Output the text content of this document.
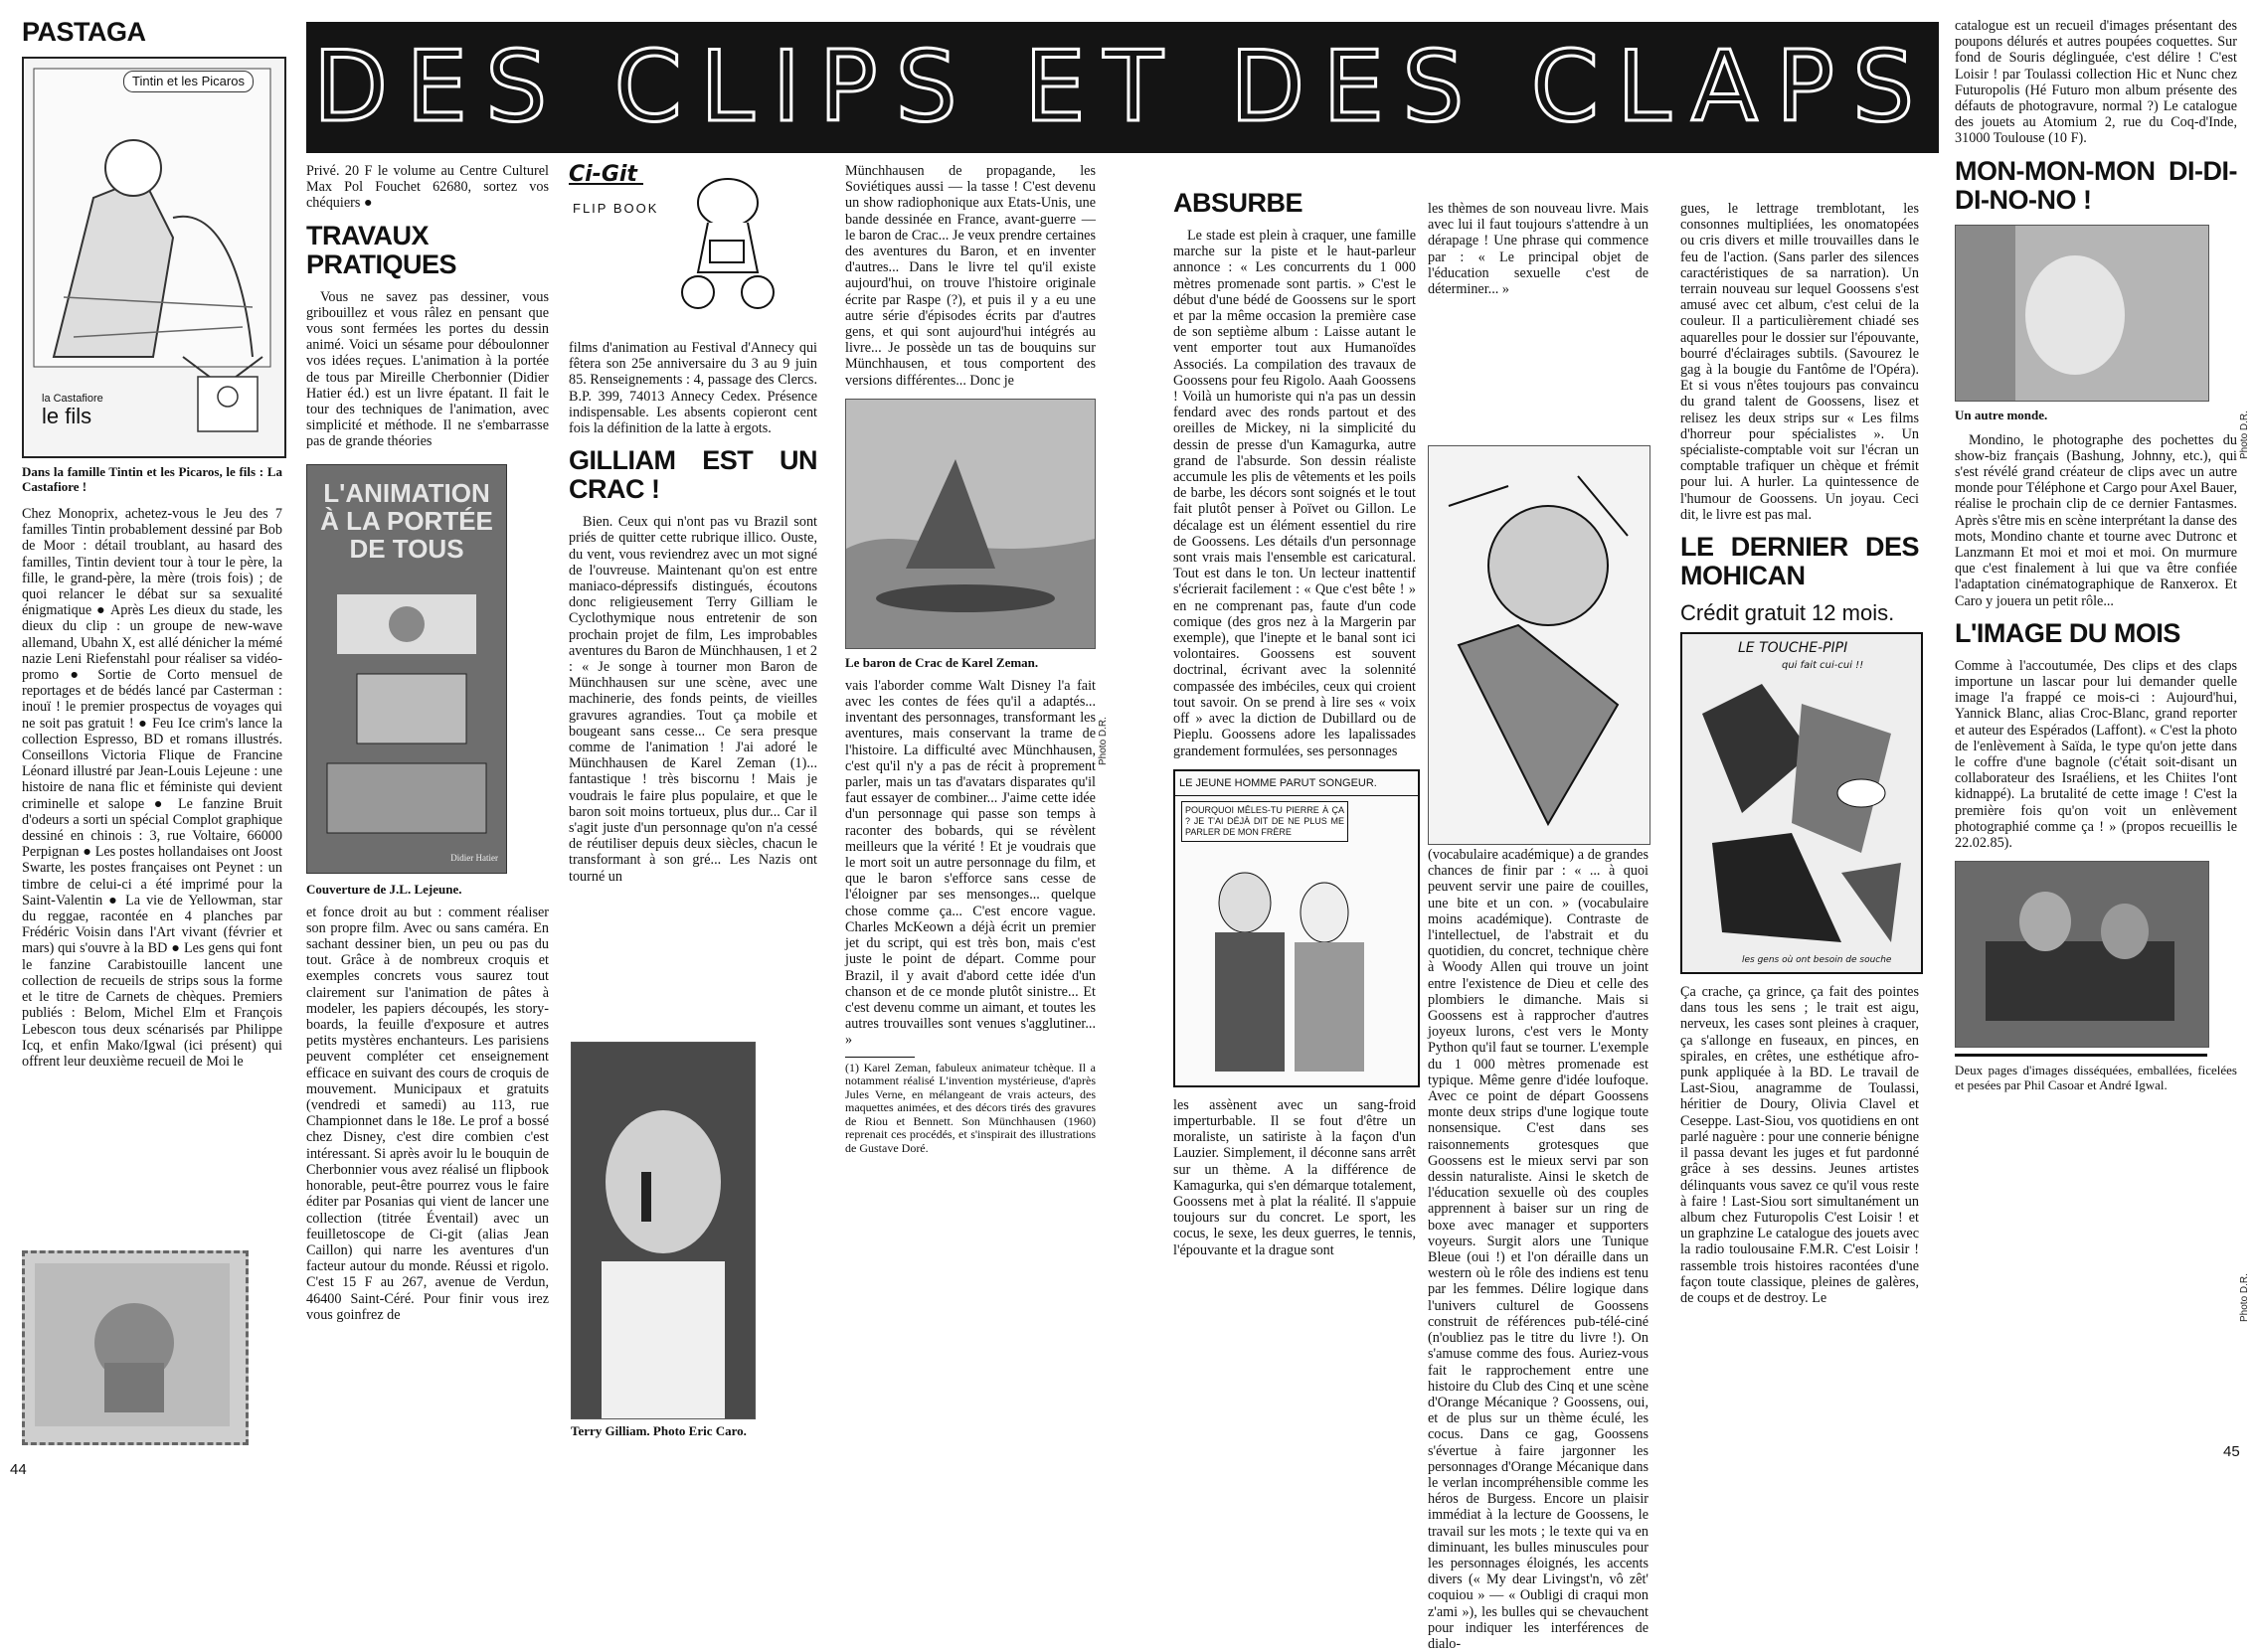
DES CLIPS ET DES CLAPS
PASTAGA
Tintin et les Picaros
la Castafiore
le fils
Dans la famille Tintin et les Picaros, le fils : La Castafiore !

Chez Monoprix, achetez-vous le Jeu des 7 familles Tintin probablement dessiné par Bob de Moor : détail troublant, au hasard des familles, Tintin devient tour à tour le père, la fille, le grand-père, la mère (trois fois) ; de quoi relancer le débat sur sa sexualité énigmatique ● Après Les dieux du stade, les dieux du clip : un groupe de new-wave allemand, Ubahn X, est allé dénicher la mémé nazie Leni Riefenstahl pour réaliser sa vidéo-promo ● Sortie de Corto mensuel de reportages et de bédés lancé par Casterman : inouï ! le premier prospectus de voyages qui ne soit pas gratuit ! ● Feu Ice crim's lance la collection Espresso, BD et romans illustrés. Conseillons Victoria Flique de Francine Léonard illustré par Jean-Louis Lejeune : une histoire de nana flic et féministe qui devient criminelle et salope ● Le fanzine Bruit d'odeurs a sorti un spécial Complot graphique dessiné en chinois : 3, rue Voltaire, 66000 Perpignan ● Les postes hollandaises ont Joost Swarte, les postes françaises ont Peynet : un timbre de celui-ci a été imprimé pour la Saint-Valentin ● La vie de Yellowman, star du reggae, racontée en 4 planches par Frédéric Voisin dans l'Art vivant (février et mars) qui s'ouvre à la BD ● Les gens qui font le fanzine Carabistouille lancent une collection de recueils de strips sous la forme et le titre de Carnets de chèques. Premiers publiés : Belom, Michel Elm et François Lebescon tous deux scénarisés par Philippe Icq, et enfin Mako/Igwal (ici présent) qui offrent leur deuxième recueil de Moi le

Privé. 20 F le volume au Centre Culturel Max Pol Fouchet 62680, sortez vos chéquiers ●

TRAVAUX PRATIQUES

Vous ne savez pas dessiner, vous gribouillez et vous râlez en pensant que vous sont fermées les portes du dessin animé. Voici un sésame pour déboulonner vos idées reçues. L'animation à la portée de tous par Mireille Cherbonnier (Didier Hatier éd.) est un livre épatant. Il fait le tour des techniques de l'animation, avec simplicité et méthode. Il ne s'embarrasse pas de grande théories

L'ANIMATION À LA PORTÉE DE TOUS
Didier Hatier
Couverture de J.L. Lejeune.

et fonce droit au but : comment réaliser son propre film. Avec ou sans caméra. En sachant dessiner bien, un peu ou pas du tout. Grâce à de nombreux croquis et exemples concrets vous saurez tout clairement sur l'animation de pâtes à modeler, les papiers découpés, les story-boards, la feuille d'exposure et autres petits mystères enchanteurs. Les parisiens peuvent compléter cet enseignement efficace en suivant des cours de croquis de mouvement. Municipaux et gratuits (vendredi et samedi) au 113, rue Championnet dans le 18e. Le prof a bossé chez Disney, c'est dire combien c'est intéressant. Si après avoir lu le bouquin de Cherbonnier vous avez réalisé un flipbook honorable, peut-être pourrez vous le faire éditer par Posanias qui vient de lancer une collection (titrée Éventail) avec un feuilletoscope de Ci-git (alias Jean Caillon) qui narre les aventures d'un facteur autour du monde. Réussi et rigolo. C'est 15 F au 267, avenue de Verdun, 46400 Saint-Céré. Pour finir vous irez vous goinfrez de

Ci-Git
FLIP BOOK

films d'animation au Festival d'Annecy qui fêtera son 25e anniversaire du 3 au 9 juin 85. Renseignements : 4, passage des Clercs. B.P. 399, 74013 Annecy Cedex. Présence indispensable. Les absents copieront cent fois la définition de la latte à ergots.

GILLIAM EST UN CRAC !

Bien. Ceux qui n'ont pas vu Brazil sont priés de quitter cette rubrique illico. Ouste, du vent, vous reviendrez avec un mot signé de l'ouvreuse. Maintenant qu'on est entre maniaco-dépressifs distingués, écoutons donc religieusement Terry Gilliam le Cyclothymique nous entretenir de son prochain projet de film, Les improbables aventures du Baron de Münchhausen, 1 et 2 : « Je songe à tourner mon Baron de Münchhausen sur une scène, avec une machinerie, des fonds peints, de vieilles gravures agrandies. Tout ça mobile et bougeant sans cesse... Ce sera presque comme de l'animation ! J'ai adoré le Münchhausen de Karel Zeman (1)... fantastique ! très biscornu ! Mais je voudrais le faire plus populaire, et que le baron soit moins tortueux, plus dur... Car il s'agit juste d'un personnage qu'on n'a cessé de réutiliser depuis deux siècles, chacun le transformant à son gré... Les Nazis ont tourné un

Terry Gilliam. Photo Eric Caro.

Münchhausen de propagande, les Soviétiques aussi — la tasse ! C'est devenu un show radiophonique aux Etats-Unis, une bande dessinée en France, avant-guerre — le baron de Crac... Je veux prendre certaines des aventures du Baron, et en inventer d'autres... Dans le livre tel qu'il existe aujourd'hui, on trouve l'histoire originale écrite par Raspe (?), et puis il y a eu une autre série d'épisodes écrits par d'autres gens, et qui sont aujourd'hui intégrés au livre... Je possède un tas de bouquins sur Münchhausen, et tous comportent des versions différentes... Donc je

Le baron de Crac de Karel Zeman.

vais l'aborder comme Walt Disney l'a fait avec les contes de fées qu'il a adaptés... inventant des personnages, transformant les aventures, mais conservant la trame de l'histoire. La difficulté avec Münchhausen, c'est qu'il n'y a pas de récit à proprement parler, mais un tas d'avatars disparates qu'il faut essayer de combiner... J'aime cette idée d'un personnage qui passe son temps à raconter des bobards, qui se révèlent meilleurs que la vérité ! Et je voudrais que le mort soit un autre personnage du film, et que le baron s'efforce sans cesse de l'éloigner par ses mensonges... quelque chose comme ça... C'est encore vague. Charles McKeown a déjà écrit un premier jet du script, qui est très bon, mais c'est juste le point de départ. Comme pour Brazil, il y avait d'abord cette idée d'un chanson et de ce monde plutôt sinistre... Et c'est devenu comme un aimant, et toutes les autres trouvailles sont venues s'agglutiner... »

(1) Karel Zeman, fabuleux animateur tchèque. Il a notamment réalisé L'invention mystérieuse, d'après Jules Verne, en mélangeant de vrais acteurs, des maquettes animées, et des décors tirés des gravures de Riou et Bennett. Son Münchhausen (1960) reprenait ces procédés, et s'inspirait des illustrations de Gustave Doré.

Photo D.R.
ABSURBE

Le stade est plein à craquer, une famille marche sur la piste et le haut-parleur annonce : « Les concurrents du 1 000 mètres promenade sont partis. » C'est le début d'une bédé de Goossens sur le sport et par la même occasion la première case de son septième album : Laisse autant le vent emporter tout aux Humanoïdes Associés. La compilation des travaux de Goossens pour feu Rigolo. Aaah Goossens ! Voilà un humoriste qui n'a pas un dessin fendard avec des ronds partout et des oreilles de Mickey, ni la simplicité du dessin de presse d'un Kamagurka, autre grand de l'absurde. Son dessin réaliste accumule les plis de vêtements et les poils de barbe, les décors sont soignés et le tout fait plutôt penser à Poïvet ou Gillon. Le décalage est un élément essentiel du rire de Goossens. Les détails d'un personnage sont vrais mais l'ensemble est caricatural. Tout est dans le ton. Un lecteur inattentif s'écrierait facilement : « Que c'est bête ! » en ne comprenant pas, faute d'un code comique (des gros nez à la Margerin par exemple), que l'inepte et le banal sont ici volontaires. Goossens est souvent doctrinal, écrivant avec la solennité compassée des imbéciles, ceux qui croient tout savoir. On se prend à lire ses « voix off » avec la diction de Dubillard ou de Pieplu. Goossens adore les lapalissades grandement formulées, ses personnages

LE JEUNE HOMME PARUT SONGEUR.
POURQUOI MÊLES-TU PIERRE À ÇA ? JE T'AI DÉJÀ DIT DE NE PLUS ME PARLER DE MON FRÈRE

les assènent avec un sang-froid imperturbable. Il se fout d'être un moraliste, un satiriste à la façon d'un Lauzier. Simplement, il déconne sans arrêt sur un thème. A la différence de Kamagurka, qui s'en démarque totalement, Goossens met à plat la réalité. Il s'appuie toujours sur du concret. Le sport, les cocus, le sexe, les deux guerres, le tennis, l'épouvante et la drague sont

les thèmes de son nouveau livre. Mais avec lui il faut toujours s'attendre à un dérapage ! Une phrase qui commence par : « Le principal objet de l'éducation sexuelle c'est de déterminer... »

(vocabulaire académique) a de grandes chances de finir par : « ... à quoi peuvent servir une paire de couilles, une bite et un con. » (vocabulaire moins académique). Contraste de l'intellectuel, de l'abstrait et du quotidien, du concret, technique chère à Woody Allen qui trouve un joint entre l'existence de Dieu et celle des plombiers le dimanche. Mais si Goossens est à rapprocher d'autres joyeux lurons, c'est vers le Monty Python qu'il faut se tourner. L'exemple du 1 000 mètres promenade est typique. Même genre d'idée loufoque. Avec ce point de départ Goossens monte deux strips d'une logique toute nonsensique. C'est dans ses raisonnements grotesques que Goossens est le mieux servi par son dessin naturaliste. Ainsi le sketch de l'éducation sexuelle où des couples apprennent à baiser sur un ring de boxe avec manager et supporters voyeurs. Surgit alors une Tunique Bleue (oui !) et l'on déraille dans un western où le rôle des indiens est tenu par les femmes. Délire logique dans l'univers culturel de Goossens construit de références pub-télé-ciné (n'oubliez pas le titre du livre !). On s'amuse comme des fous. Auriez-vous fait le rapprochement entre une histoire du Club des Cinq et une scène d'Orange Mécanique ? Goossens, oui, et de plus sur un thème éculé, les cocus. Dans ce gag, Goossens s'évertue à faire jargonner les personnages d'Orange Mécanique dans le verlan incompréhensible comme les héros de Burgess. Encore un plaisir immédiat à la lecture de Goossens, le travail sur les mots ; le texte qui va en diminuant, les bulles minuscules pour les personnages éloignés, les accents divers (« My dear Livingst'n, vô zêt' coquiou » — « Oubligi di craqui mon z'ami »), les bulles qui se chevauchent pour indiquer les interférences de dialo-

gues, le lettrage tremblotant, les consonnes multipliées, les onomatopées ou cris divers et mille trouvailles dans le feu de l'action. (Sans parler des silences caractéristiques de sa narration). Un terrain nouveau sur lequel Goossens s'est amusé avec cet album, c'est celui de la couleur. Il a particulièrement chiadé ses aquarelles pour le dossier sur l'épouvante, bourré d'éclairages subtils. (Savourez le gag à la bougie du Fantôme de l'Opéra). Et si vous n'êtes toujours pas convaincu du grand talent de Goossens, lisez et relisez les deux strips sur « Les films d'horreur pour spécialistes ». Un spécialiste-comptable voit sur l'écran un comptable trafiquer un chèque et frémit pour lui. A hurler. La quintessence de l'humour de Goossens. Un joyau. Ceci dit, le livre est pas mal.

LE DERNIER DES MOHICAN
Crédit gratuit 12 mois.
LE TOUCHE-PIPI
qui fait cui-cui !!
les gens où ont besoin de souche

Ça crache, ça grince, ça fait des pointes dans tous les sens ; le trait est aigu, nerveux, les cases sont pleines à craquer, ça s'allonge en fuseaux, en pinces, en spirales, en crêtes, une esthétique afro-punk appliquée à la BD. Le travail de Last-Siou, anagramme de Toulassi, héritier de Doury, Olivia Clavel et Ceseppe. Last-Siou, vos quotidiens en ont parlé naguère : pour une connerie bénigne il passa devant les juges et fut pardonné grâce à ses dessins. Jeunes artistes délinquants vous savez ce qu'il vous reste à faire ! Last-Siou sort simultanément un album chez Futuropolis C'est Loisir ! et un graphzine Le catalogue des jouets avec la radio toulousaine F.M.R. C'est Loisir ! rassemble trois histoires racontées d'une façon toute classique, pleines de galères, de coups et de destroy. Le

catalogue est un recueil d'images présentant des poupons délurés et autres poupées coquettes. Sur fond de Souris déglinguée, c'est délire ! C'est Loisir ! par Toulassi collection Hic et Nunc chez Futuropolis (Hé Futuro mon album présente des défauts de photogravure, normal ?) Le catalogue des jouets au Atomium 2, rue du Coq-d'Inde, 31000 Toulouse (10 F).

MON-MON-MON DI-DI-DI-NO-NO !
Un autre monde.

Mondino, le photographe des pochettes du show-biz français (Bashung, Johnny, etc.), qui s'est révélé grand créateur de clips avec un autre monde pour Téléphone et Cargo pour Axel Bauer, réalise le prochain clip de ce dernier Fantasmes. Après s'être mis en scène interprétant la danse des mots, Mondino chante et tourne avec Dutronc et Lanzmann Et moi et moi et moi. On murmure que c'est finalement à lui que va être confiée l'adaptation cinématographique de Ranxerox. Et Caro y jouera un petit rôle...

L'IMAGE DU MOIS

Comme à l'accoutumée, Des clips et des claps importune un lascar pour lui demander quelle image l'a frappé ce mois-ci : Aujourd'hui, Yannick Blanc, alias Croc-Blanc, grand reporter et auteur des Espérados (Laffont). « C'est la photo de l'enlèvement à Saïda, le type qu'on jette dans le coffre d'une bagnole (c'était soit-disant un collaborateur des Israéliens, et les Chiites l'ont kidnappé). La brutalité de cette image ! C'est la première fois qu'on voit un enlèvement photographié comme ça ! » (propos recueillis le 22.02.85).

Deux pages d'images disséquées, emballées, ficelées et pesées par Phil Casoar et André Igwal.
Photo D.R.
Photo D.R.
44
45
